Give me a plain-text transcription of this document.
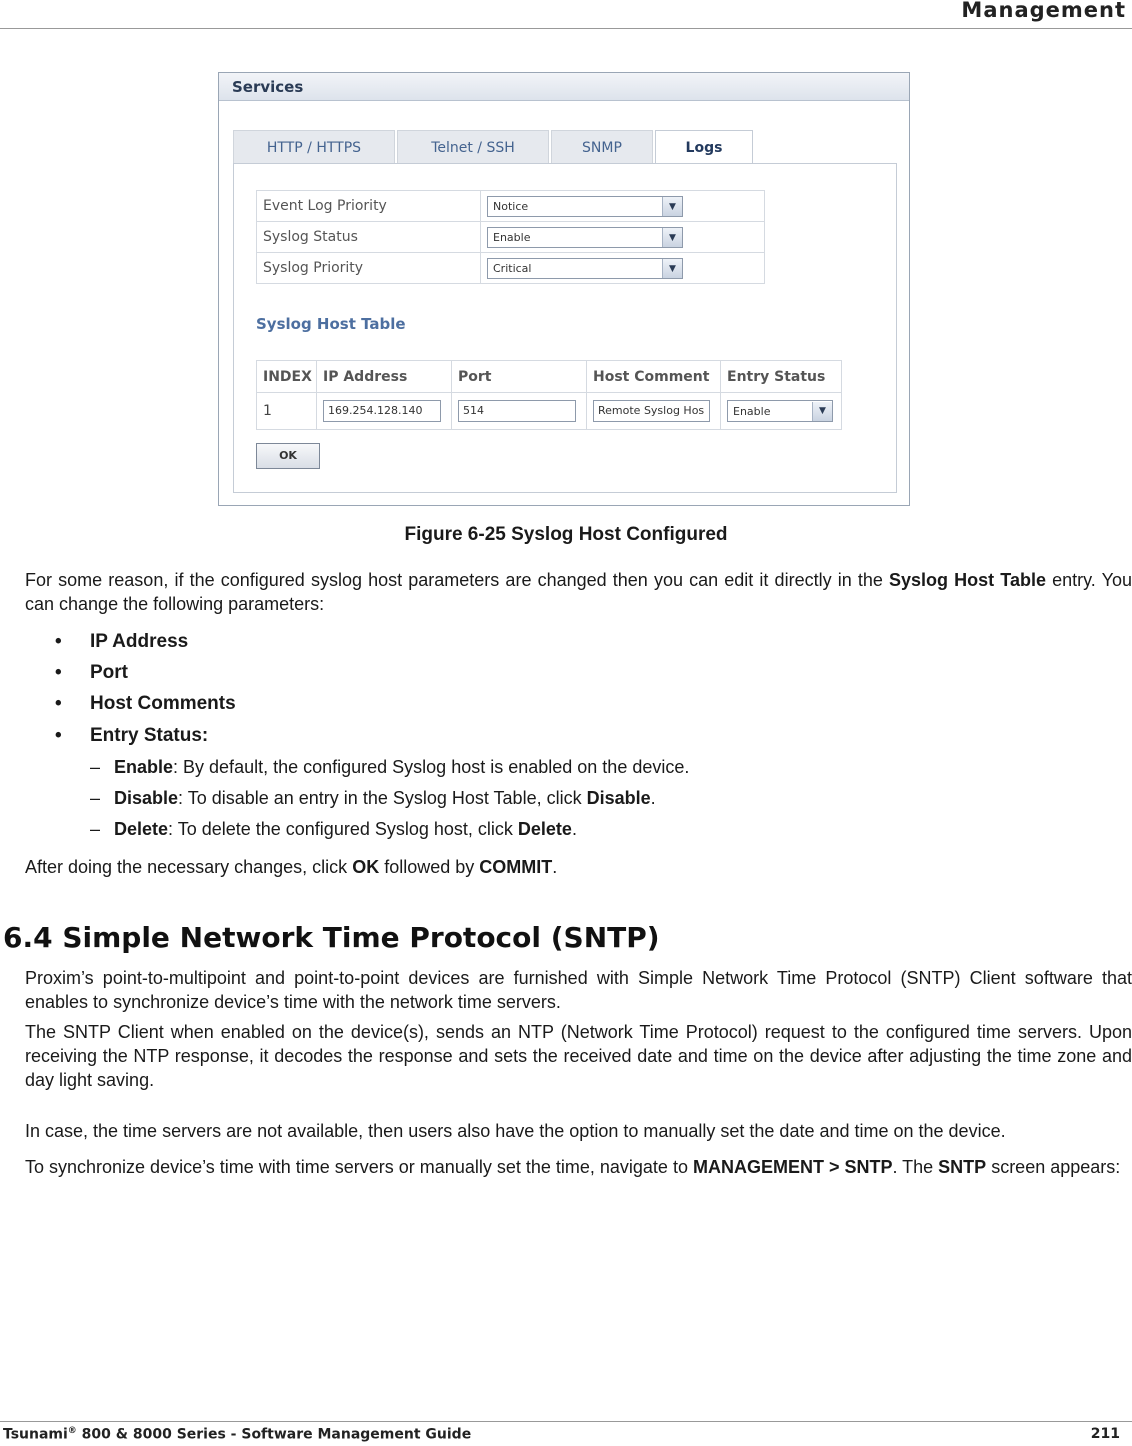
Management
Services
HTTP / HTTPS	Telnet / SSH	SNMP	Logs
Event Log Priority	Notice ▼

Syslog Status	Enable ▼

Syslog Priority	Critical ▼
Syslog Host Table
INDEX	IP Address	Port	Host Comment	Entry Status
1	169.254.128.140	514	Remote Syslog Hos	Enable ▼
OK
Figure 6-25 Syslog Host Configured

For some reason, if the configured syslog host parameters are changed then you can edit it directly in the Syslog Host Table entry. You can change the following parameters:

• IP Address
• Port
• Host Comments
• Entry Status:
– Enable: By default, the configured Syslog host is enabled on the device.
– Disable: To disable an entry in the Syslog Host Table, click Disable.
– Delete: To delete the configured Syslog host, click Delete.

After doing the necessary changes, click OK followed by COMMIT.

6.4 Simple Network Time Protocol (SNTP)

Proxim’s point-to-multipoint and point-to-point devices are furnished with Simple Network Time Protocol (SNTP) Client software that enables to synchronize device’s time with the network time servers.

The SNTP Client when enabled on the device(s), sends an NTP (Network Time Protocol) request to the configured time servers. Upon receiving the NTP response, it decodes the response and sets the received date and time on the device after adjusting the time zone and day light saving.

In case, the time servers are not available, then users also have the option to manually set the date and time on the device.

To synchronize device’s time with time servers or manually set the time, navigate to MANAGEMENT > SNTP. The SNTP screen appears:

Tsunami® 800 & 8000 Series - Software Management Guide	211
